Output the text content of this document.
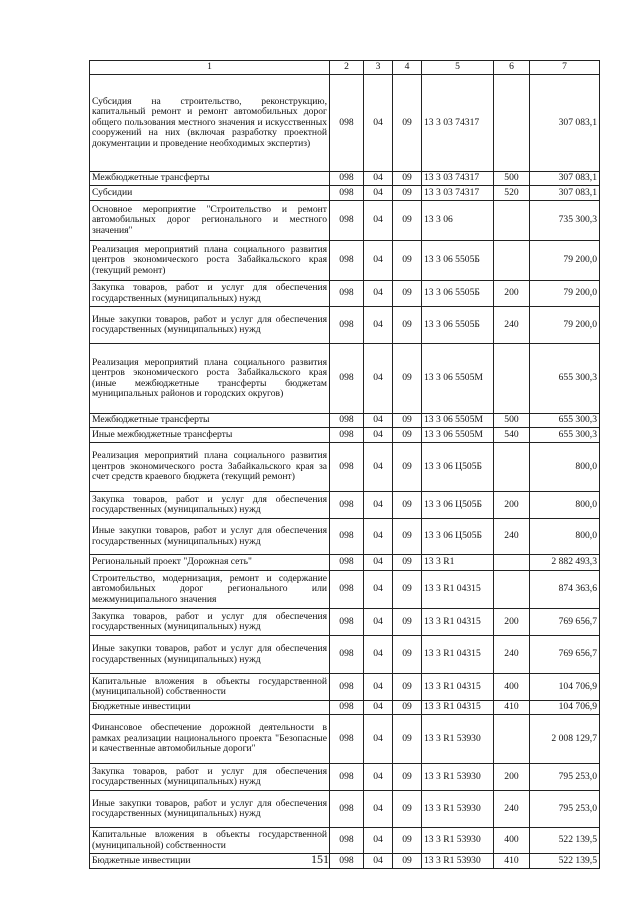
1	2	3	4	5	6	7
Субсидия на строительство, реконструкцию, капитальный ремонт и ремонт автомобильных дорог общего пользования местного значения и искусственных сооружений на них (включая разработку проектной документации и проведение необходимых экспертиз)	098	04	09	13 3 03 74317		307 083,1
Межбюджетные трансферты	098	04	09	13 3 03 74317	500	307 083,1
Субсидии	098	04	09	13 3 03 74317	520	307 083,1
Основное мероприятие "Строительство и ремонт автомобильных дорог регионального и местного значения"	098	04	09	13 3 06		735 300,3
Реализация мероприятий плана социального развития центров экономического роста Забайкальского края (текущий ремонт)	098	04	09	13 3 06 5505Б		79 200,0
Закупка товаров, работ и услуг для обеспечения государственных (муниципальных) нужд	098	04	09	13 3 06 5505Б	200	79 200,0
Иные закупки товаров, работ и услуг для обеспечения государственных (муниципальных) нужд	098	04	09	13 3 06 5505Б	240	79 200,0
Реализация мероприятий плана социального развития центров экономического роста Забайкальского края (иные межбюджетные трансферты бюджетам муниципальных районов и городских округов)	098	04	09	13 3 06 5505М		655 300,3
Межбюджетные трансферты	098	04	09	13 3 06 5505М	500	655 300,3
Иные межбюджетные трансферты	098	04	09	13 3 06 5505М	540	655 300,3
Реализация мероприятий плана социального развития центров экономического роста Забайкальского края за счет средств краевого бюджета (текущий ремонт)	098	04	09	13 3 06 Ц505Б		800,0
Закупка товаров, работ и услуг для обеспечения государственных (муниципальных) нужд	098	04	09	13 3 06 Ц505Б	200	800,0
Иные закупки товаров, работ и услуг для обеспечения государственных (муниципальных) нужд	098	04	09	13 3 06 Ц505Б	240	800,0
Региональный проект "Дорожная сеть"	098	04	09	13 3 R1		2 882 493,3
Строительство, модернизация, ремонт и содержание автомобильных дорог регионального или межмуниципального значения	098	04	09	13 3 R1 04315		874 363,6
Закупка товаров, работ и услуг для обеспечения государственных (муниципальных) нужд	098	04	09	13 3 R1 04315	200	769 656,7
Иные закупки товаров, работ и услуг для обеспечения государственных (муниципальных) нужд	098	04	09	13 3 R1 04315	240	769 656,7
Капитальные вложения в объекты государственной (муниципальной) собственности	098	04	09	13 3 R1 04315	400	104 706,9
Бюджетные инвестиции	098	04	09	13 3 R1 04315	410	104 706,9
Финансовое обеспечение дорожной деятельности в рамках реализации национального проекта "Безопасные и качественные автомобильные дороги"	098	04	09	13 3 R1 53930		2 008 129,7
Закупка товаров, работ и услуг для обеспечения государственных (муниципальных) нужд	098	04	09	13 3 R1 53930	200	795 253,0
Иные закупки товаров, работ и услуг для обеспечения государственных (муниципальных) нужд	098	04	09	13 3 R1 53930	240	795 253,0
Капитальные вложения в объекты государственной (муниципальной) собственности	098	04	09	13 3 R1 53930	400	522 139,5
Бюджетные инвестиции	098	04	09	13 3 R1 53930	410	522 139,5
151
